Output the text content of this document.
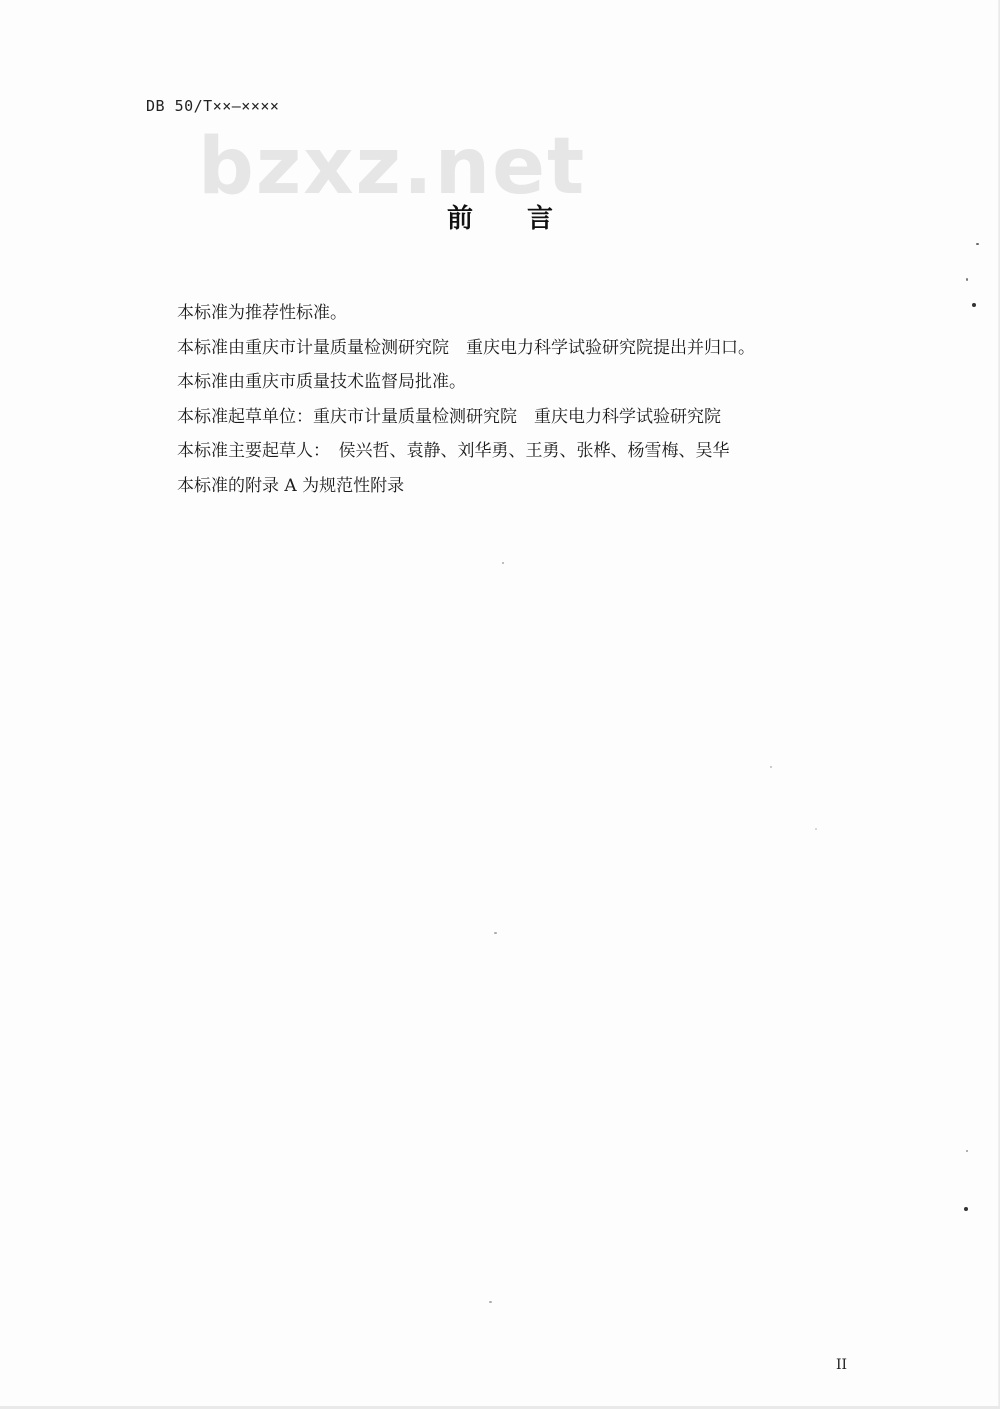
DB 50/T××—××××
bzxz.net
前言
本标准为推荐性标准。
本标准由重庆市计量质量检测研究院　重庆电力科学试验研究院提出并归口。
本标准由重庆市质量技术监督局批准。
本标准起草单位：重庆市计量质量检测研究院　重庆电力科学试验研究院
本标准主要起草人：　侯兴哲、袁静、刘华勇、王勇、张桦、杨雪梅、吴华
本标准的附录 A 为规范性附录
II
